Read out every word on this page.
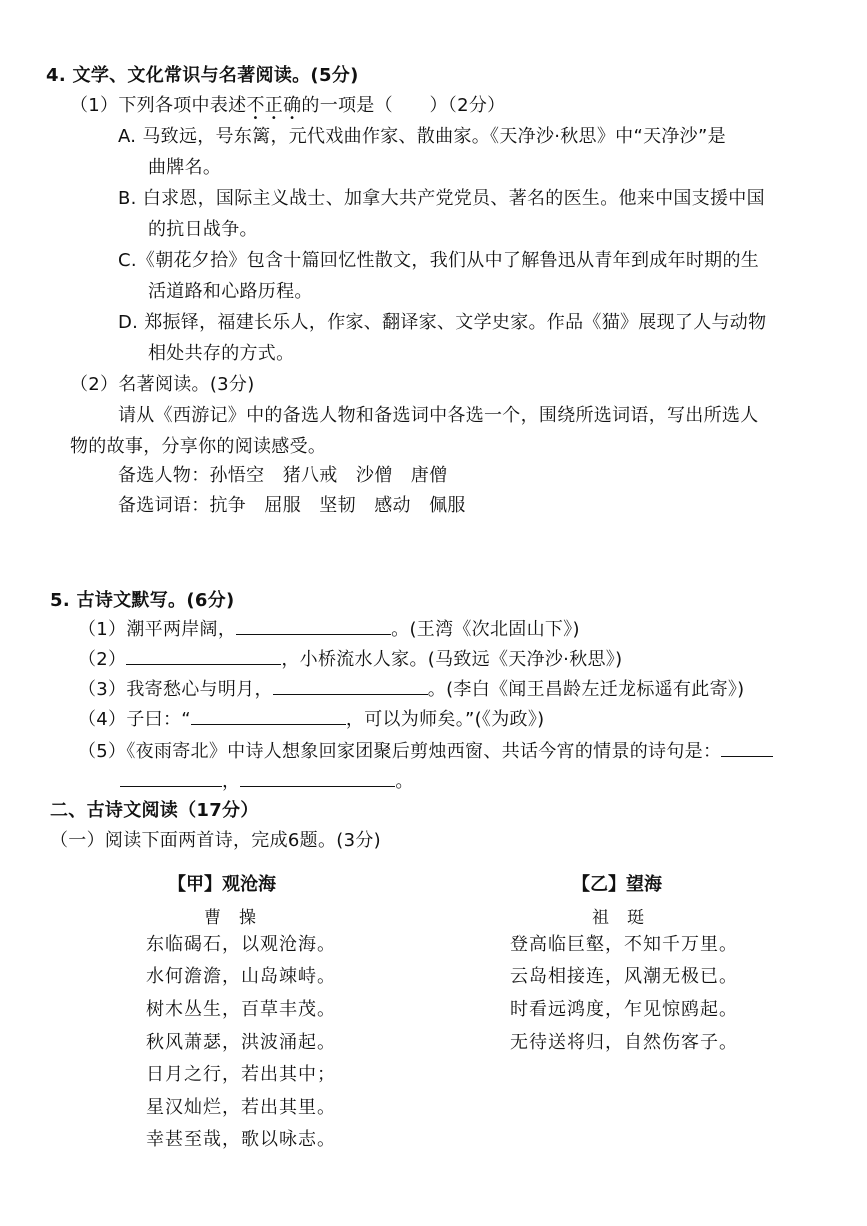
4. 文学、文化常识与名著阅读。(5分)
（1）下列各项中表述不正确的一项是（　　）（2分）
A. 马致远，号东篱，元代戏曲作家、散曲家。《天净沙·秋思》中“天净沙”是
曲牌名。
B. 白求恩，国际主义战士、加拿大共产党党员、著名的医生。他来中国支援中国
的抗日战争。
C.《朝花夕拾》包含十篇回忆性散文，我们从中了解鲁迅从青年到成年时期的生
活道路和心路历程。
D. 郑振铎，福建长乐人，作家、翻译家、文学史家。作品《猫》展现了人与动物
相处共存的方式。
（2）名著阅读。(3分)
请从《西游记》中的备选人物和备选词中各选一个，围绕所选词语，写出所选人
物的故事，分享你的阅读感受。
备选人物：孙悟空　猪八戒　沙僧　唐僧
备选词语：抗争　屈服　坚韧　感动　佩服
5. 古诗文默写。(6分)
（1）潮平两岸阔，	。(王湾《次北固山下》)
（2）	，小桥流水人家。(马致远《天净沙·秋思》)
（3）我寄愁心与明月，	。(李白《闻王昌龄左迁龙标遥有此寄》)
（4）子曰：“	，可以为师矣。”(《为政》)
（5）《夜雨寄北》中诗人想象回家团聚后剪烛西窗、共话今宵的情景的诗句是：
，	。
二、古诗文阅读（17分）
（一）阅读下面两首诗，完成6题。(3分)
【甲】观沧海
曹操
东临碣石，以观沧海。
水何澹澹，山岛竦峙。
树木丛生，百草丰茂。
秋风萧瑟，洪波涌起。
日月之行，若出其中；
星汉灿烂，若出其里。
幸甚至哉，歌以咏志。
【乙】望海
祖珽
登高临巨壑，不知千万里。
云岛相接连，风潮无极已。
时看远鸿度，乍见惊鸥起。
无待送将归，自然伤客子。
